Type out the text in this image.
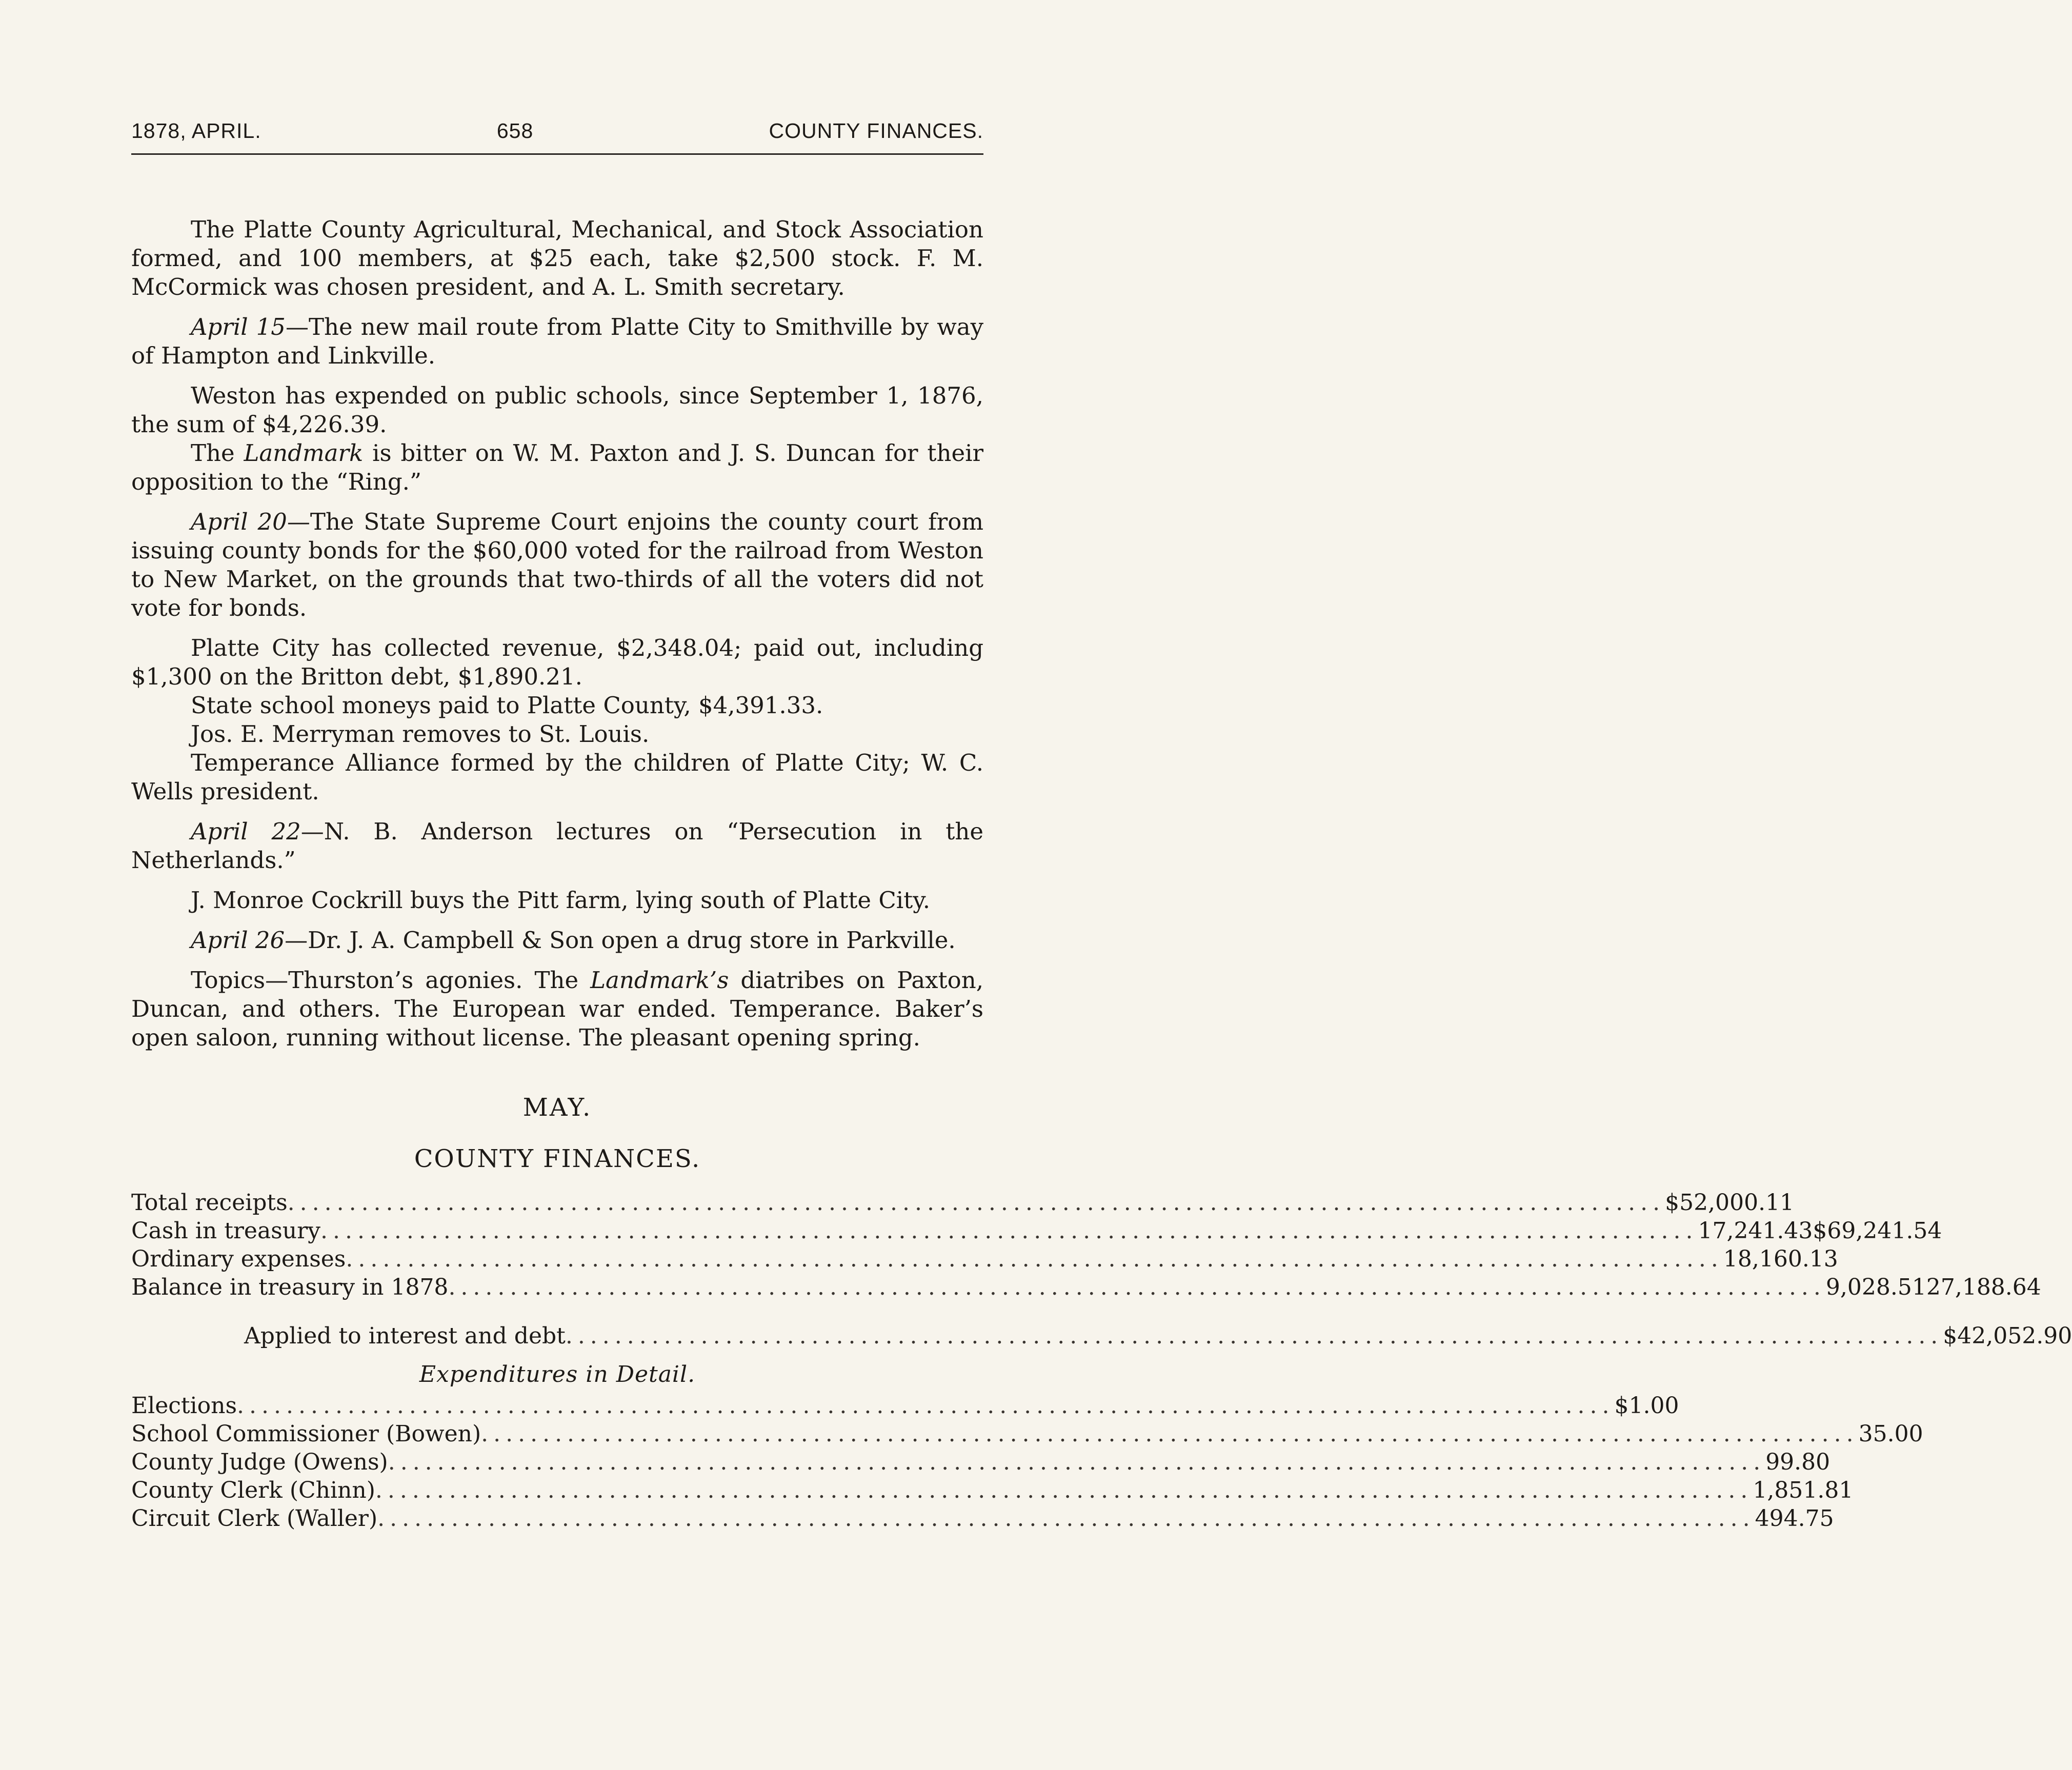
1878, APRIL.	658	COUNTY FINANCES.

The Platte County Agricultural, Mechanical, and Stock Association formed, and 100 members, at $25 each, take $2,500 stock. F. M. McCormick was chosen president, and A. L. Smith secretary.

April 15—The new mail route from Platte City to Smithville by way of Hampton and Linkville.

Weston has expended on public schools, since September 1, 1876, the sum of $4,226.39.

The Landmark is bitter on W. M. Paxton and J. S. Duncan for their opposition to the “Ring.”

April 20—The State Supreme Court enjoins the county court from issuing county bonds for the $60,000 voted for the railroad from Weston to New Market, on the grounds that two-thirds of all the voters did not vote for bonds.

Platte City has collected revenue, $2,348.04; paid out, including $1,300 on the Britton debt, $1,890.21.

State school moneys paid to Platte County, $4,391.33.

Jos. E. Merryman removes to St. Louis.

Temperance Alliance formed by the children of Platte City; W. C. Wells president.

April 22—N. B. Anderson lectures on “Persecution in the Netherlands.”

J. Monroe Cockrill buys the Pitt farm, lying south of Platte City.

April 26—Dr. J. A. Campbell & Son open a drug store in Parkville.

Topics—Thurston’s agonies. The Landmark’s diatribes on Paxton, Duncan, and others. The European war ended. Temperance. Baker’s open saloon, running without license. The pleasant opening spring.

MAY.
COUNTY FINANCES.
Total receipts ................................................................................................................ $52,000.11
Cash in treasury ................................................................................................................ 17,241.43 $69,241.54
Ordinary expenses ................................................................................................................ 18,160.13
Balance in treasury in 1878 ................................................................................................................ 9,028.51 27,188.64
Applied to interest and debt ................................................................................................................ $42,052.90
Expenditures in Detail.
Elections ................................................................................................................ $ 1.00
School Commissioner (Bowen) ................................................................................................................ 35.00
County Judge (Owens) ................................................................................................................ 99.80
County Clerk (Chinn) ................................................................................................................ 1,851.81
Circuit Clerk (Waller) ................................................................................................................ 494.75
